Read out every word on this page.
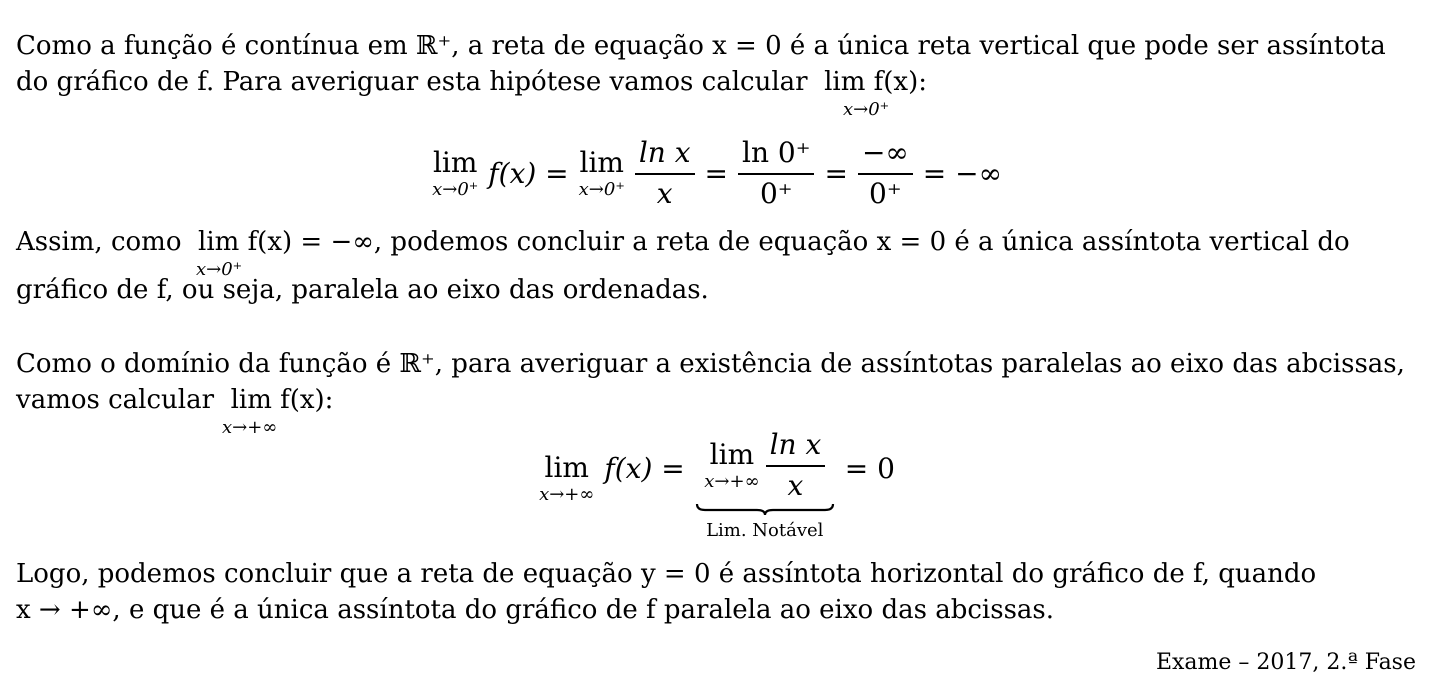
Como a função é contínua em ℝ⁺, a reta de equação x = 0 é a única reta vertical que pode ser assíntota
do gráfico de f. Para averiguar esta hipótese vamos calcular  lim f(x):
x→0⁺
lim
x→0⁺ f(x) = lim
$x\to 0^+ \frac{\text{ln x}}{x} = \frac{\ln 0^+}{0^+} = \frac{-\infty}{0^+}$ = −∞
Assim, como  lim f(x) = −∞, podemos concluir a reta de equação x = 0 é a única assíntota vertical do
x→0⁺
gráfico de f, ou seja, paralela ao eixo das ordenadas.
Como o domínio da função é ℝ⁺, para averiguar a existência de assíntotas paralelas ao eixo das abcissas,
vamos calcular  lim f(x):
x→+∞
lim
x→+∞
f(x) = lim
$x\to+\infty \frac{\text{ln x}}{x}$
Lim. Notável
= 0
Logo, podemos concluir que a reta de equação y = 0 é assíntota horizontal do gráfico de f, quando
x → +∞, e que é a única assíntota do gráfico de f paralela ao eixo das abcissas.
Exame – 2017, 2.ª Fase
